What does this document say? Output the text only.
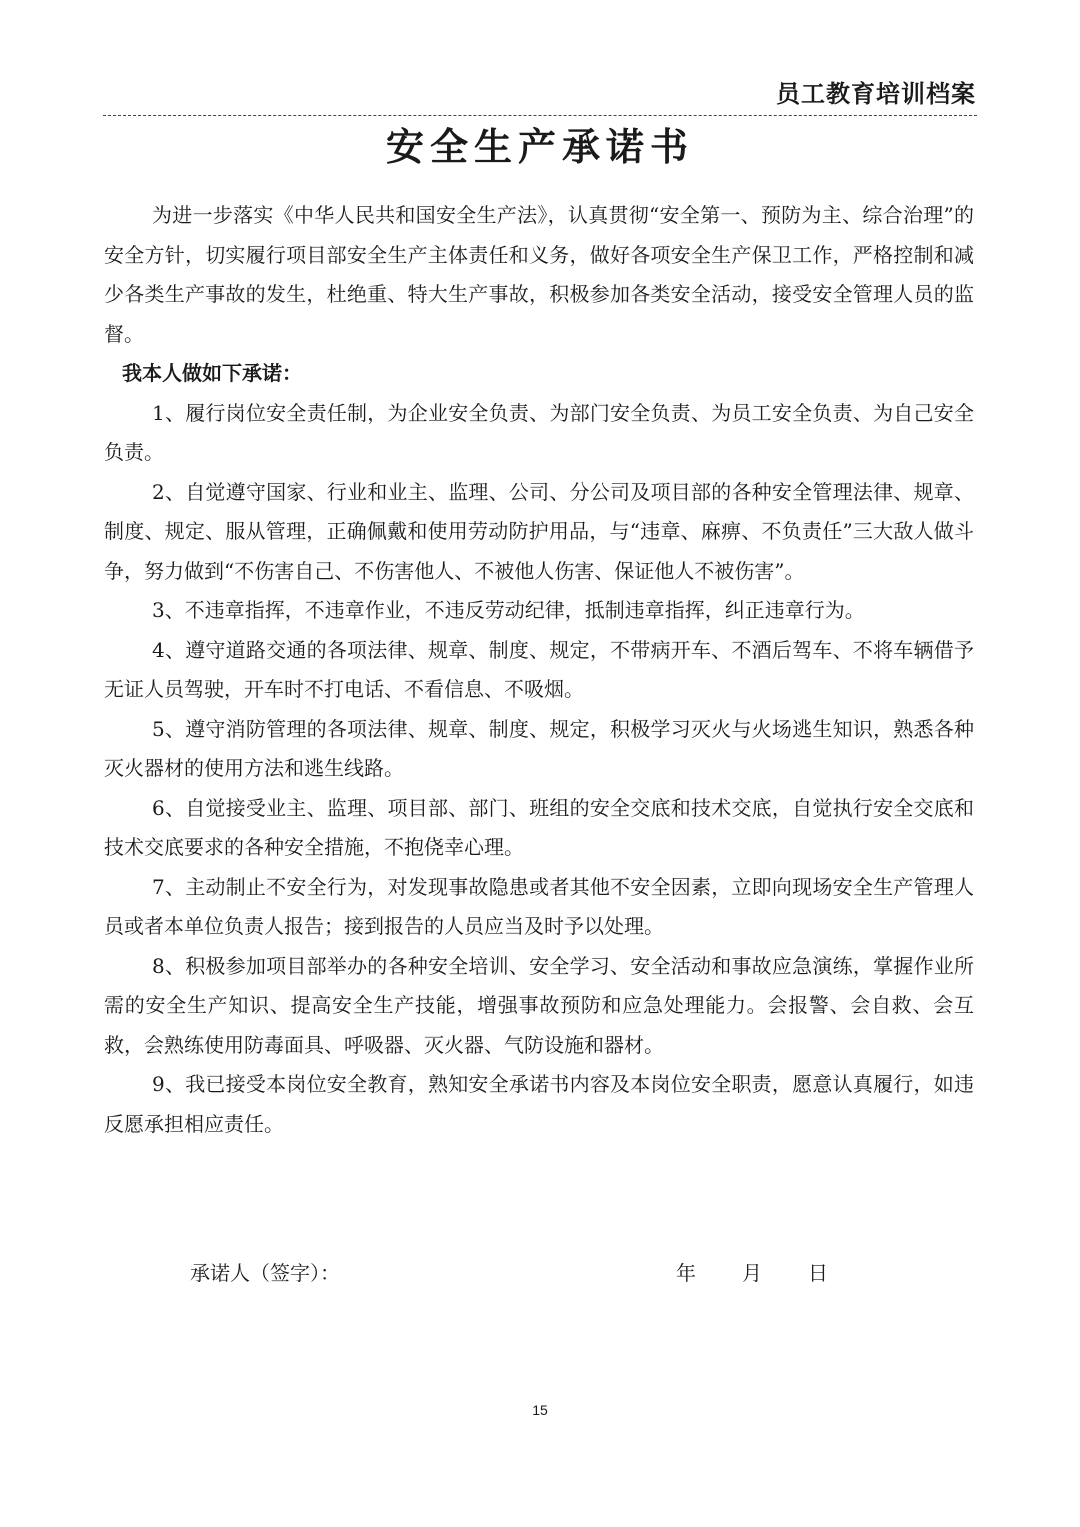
员工教育培训档案
安全生产承诺书

为进一步落实《中华人民共和国安全生产法》，认真贯彻“安全第一、预防为主、综合治理”的安全方针，切实履行项目部安全生产主体责任和义务，做好各项安全生产保卫工作，严格控制和减少各类生产事故的发生，杜绝重、特大生产事故，积极参加各类安全活动，接受安全管理人员的监督。

我本人做如下承诺：

1、履行岗位安全责任制，为企业安全负责、为部门安全负责、为员工安全负责、为自己安全负责。

2、自觉遵守国家、行业和业主、监理、公司、分公司及项目部的各种安全管理法律、规章、制度、规定、服从管理，正确佩戴和使用劳动防护用品，与“违章、麻痹、不负责任”三大敌人做斗争，努力做到“不伤害自己、不伤害他人、不被他人伤害、保证他人不被伤害”。

3、不违章指挥，不违章作业，不违反劳动纪律，抵制违章指挥，纠正违章行为。

4、遵守道路交通的各项法律、规章、制度、规定，不带病开车、不酒后驾车、不将车辆借予无证人员驾驶，开车时不打电话、不看信息、不吸烟。

5、遵守消防管理的各项法律、规章、制度、规定，积极学习灭火与火场逃生知识，熟悉各种灭火器材的使用方法和逃生线路。

6、自觉接受业主、监理、项目部、部门、班组的安全交底和技术交底，自觉执行安全交底和技术交底要求的各种安全措施，不抱侥幸心理。

7、主动制止不安全行为，对发现事故隐患或者其他不安全因素，立即向现场安全生产管理人员或者本单位负责人报告；接到报告的人员应当及时予以处理。

8、积极参加项目部举办的各种安全培训、安全学习、安全活动和事故应急演练，掌握作业所需的安全生产知识、提高安全生产技能，增强事故预防和应急处理能力。会报警、会自救、会互救，会熟练使用防毒面具、呼吸器、灭火器、气防设施和器材。

9、我已接受本岗位安全教育，熟知安全承诺书内容及本岗位安全职责，愿意认真履行，如违反愿承担相应责任。

承诺人（签字）：	年	月	日
15
